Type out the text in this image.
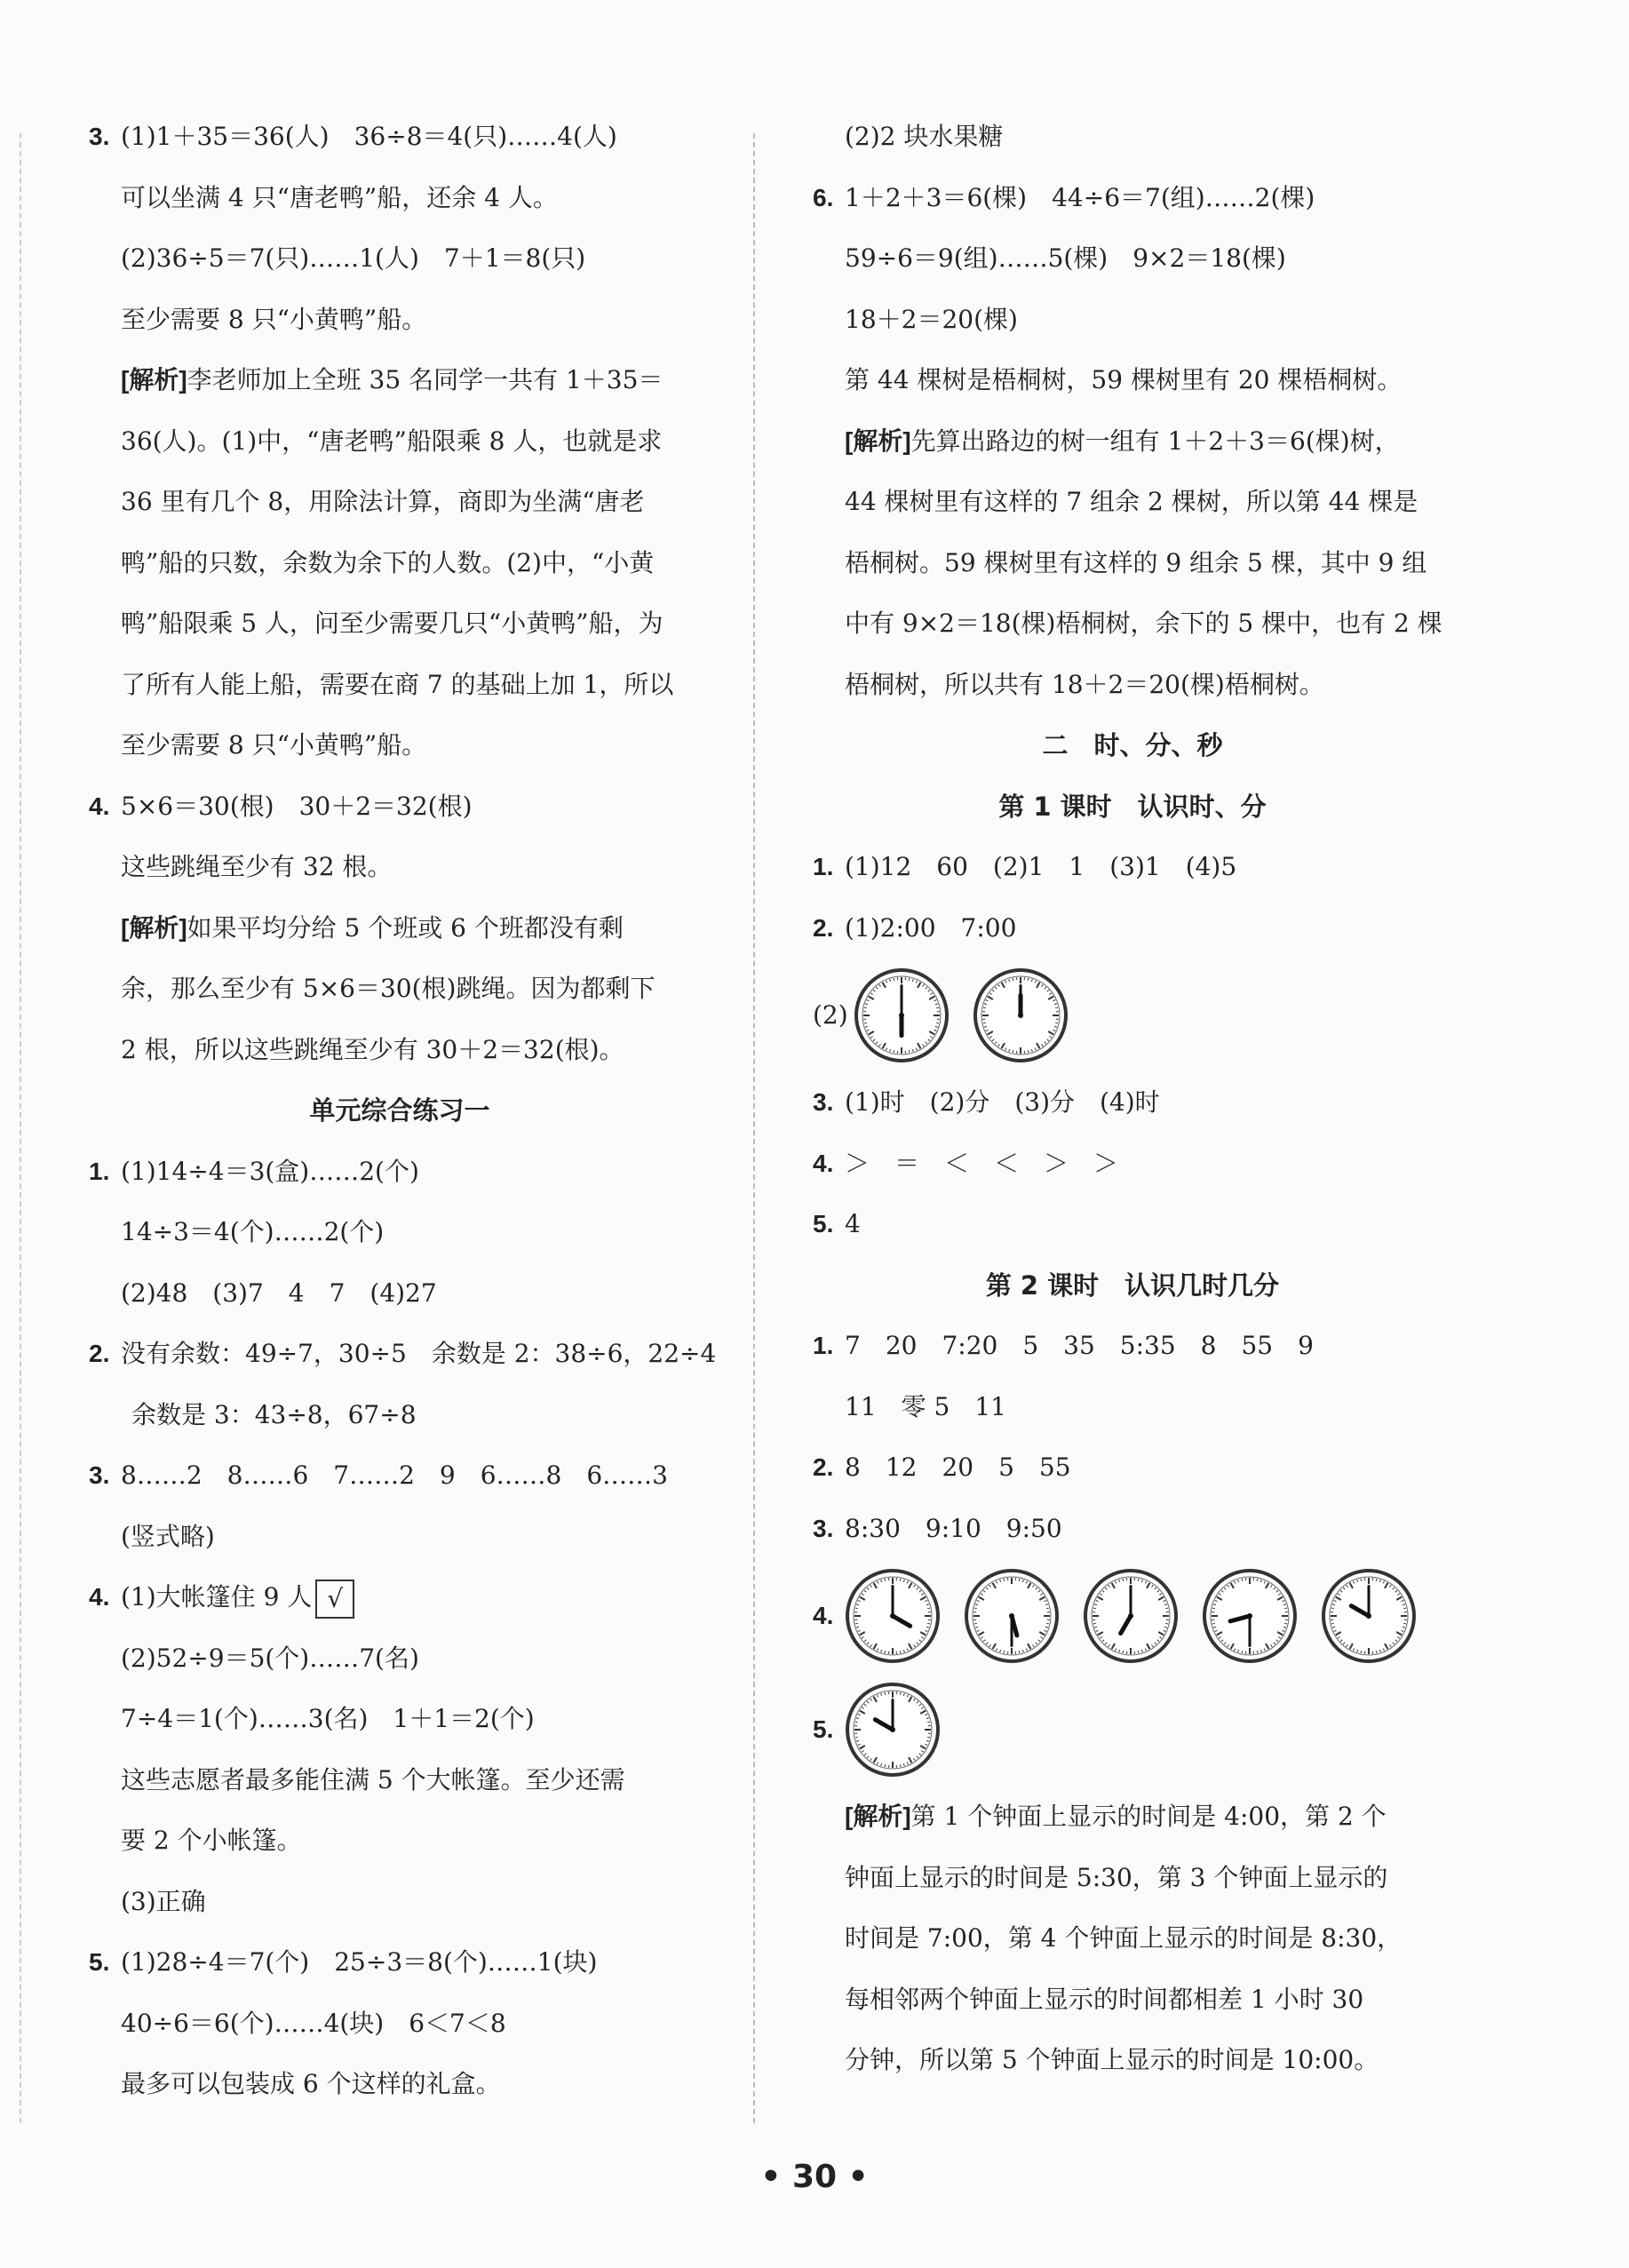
3. (1)1＋35＝36(人)　36÷8＝4(只)……4(人)
可以坐满 4 只“唐老鸭”船，还余 4 人。
(2)36÷5＝7(只)……1(人)　7＋1＝8(只)
至少需要 8 只“小黄鸭”船。
[解析]李老师加上全班 35 名同学一共有 1＋35＝
36(人)。(1)中，“唐老鸭”船限乘 8 人，也就是求
36 里有几个 8，用除法计算，商即为坐满“唐老
鸭”船的只数，余数为余下的人数。(2)中，“小黄
鸭”船限乘 5 人，问至少需要几只“小黄鸭”船，为
了所有人能上船，需要在商 7 的基础上加 1，所以
至少需要 8 只“小黄鸭”船。
4. 5×6＝30(根)　30＋2＝32(根)
这些跳绳至少有 32 根。
[解析]如果平均分给 5 个班或 6 个班都没有剩
余，那么至少有 5×6＝30(根)跳绳。因为都剩下
2 根，所以这些跳绳至少有 30＋2＝32(根)。
单元综合练习一
1. (1)14÷4＝3(盒)……2(个)
14÷3＝4(个)……2(个)
(2)48　(3)7　4　7　(4)27
2. 没有余数：49÷7，30÷5　余数是 2：38÷6，22÷4
余数是 3：43÷8，67÷8
3. 8……2　8……6　7……2　9　6……8　6……3
(竖式略)
4. (1)大帐篷住 9 人 √
(2)52÷9＝5(个)……7(名)
7÷4＝1(个)……3(名)　1＋1＝2(个)
这些志愿者最多能住满 5 个大帐篷。至少还需
要 2 个小帐篷。
(3)正确
5. (1)28÷4＝7(个)　25÷3＝8(个)……1(块)
40÷6＝6(个)……4(块)　6＜7＜8
最多可以包装成 6 个这样的礼盒。
(2)2 块水果糖
6. 1＋2＋3＝6(棵)　44÷6＝7(组)……2(棵)
59÷6＝9(组)……5(棵)　9×2＝18(棵)
18＋2＝20(棵)
第 44 棵树是梧桐树，59 棵树里有 20 棵梧桐树。
[解析]先算出路边的树一组有 1＋2＋3＝6(棵)树，
44 棵树里有这样的 7 组余 2 棵树，所以第 44 棵是
梧桐树。59 棵树里有这样的 9 组余 5 棵，其中 9 组
中有 9×2＝18(棵)梧桐树，余下的 5 棵中，也有 2 棵
梧桐树，所以共有 18＋2＝20(棵)梧桐树。
二　时、分、秒
第 1 课时　认识时、分
1. (1)12　60　(2)1　1　(3)1　(4)5
2. (1)2:00　7:00
(2)
3. (1)时　(2)分　(3)分　(4)时
4. ＞　＝　＜　＜　＞　＞
5. 4
第 2 课时　认识几时几分
1. 7　20　7:20　5　35　5:35　8　55　9
11　零 5　11
2. 8　12　20　5　55
3. 8:30　9:10　9:50
4.
5.
[解析]第 1 个钟面上显示的时间是 4:00，第 2 个
钟面上显示的时间是 5:30，第 3 个钟面上显示的
时间是 7:00，第 4 个钟面上显示的时间是 8:30，
每相邻两个钟面上显示的时间都相差 1 小时 30
分钟，所以第 5 个钟面上显示的时间是 10:00。
• 30 •
